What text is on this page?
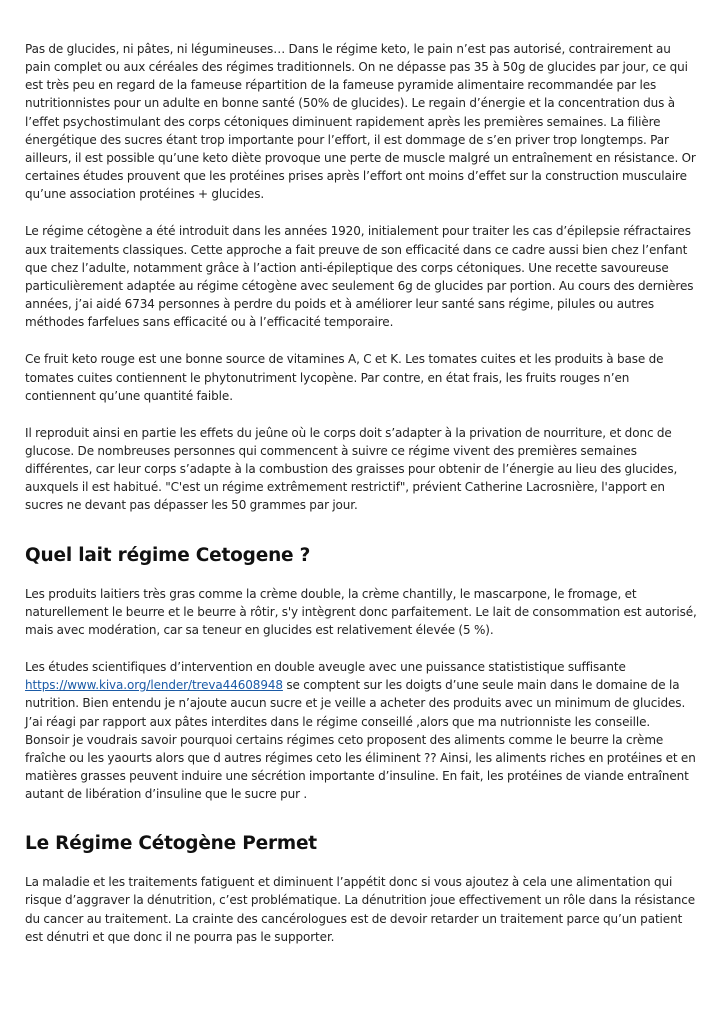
Pas de glucides, ni pâtes, ni légumineuses… Dans le régime keto, le pain n’est pas autorisé, contrairement au pain complet ou aux céréales des régimes traditionnels. On ne dépasse pas 35 à 50g de glucides par jour, ce qui est très peu en regard de la fameuse répartition de la fameuse pyramide alimentaire recommandée par les nutritionnistes pour un adulte en bonne santé (50% de glucides). Le regain d’énergie et la concentration dus à l’effet psychostimulant des corps cétoniques diminuent rapidement après les premières semaines. La filière énergétique des sucres étant trop importante pour l’effort, il est dommage de s’en priver trop longtemps. Par ailleurs, il est possible qu’une keto diète provoque une perte de muscle malgré un entraînement en résistance. Or certaines études prouvent que les protéines prises après l’effort ont moins d’effet sur la construction musculaire qu’une association protéines + glucides.

Le régime cétogène a été introduit dans les années 1920, initialement pour traiter les cas d’épilepsie réfractaires aux traitements classiques. Cette approche a fait preuve de son efficacité dans ce cadre aussi bien chez l’enfant que chez l’adulte, notamment grâce à l’action anti-épileptique des corps cétoniques. Une recette savoureuse particulièrement adaptée au régime cétogène avec seulement 6g de glucides par portion. Au cours des dernières années, j’ai aidé 6734 personnes à perdre du poids et à améliorer leur santé sans régime, pilules ou autres méthodes farfelues sans efficacité ou à l’efficacité temporaire.

Ce fruit keto rouge est une bonne source de vitamines A, C et K. Les tomates cuites et les produits à base de tomates cuites contiennent le phytonutriment lycopène. Par contre, en état frais, les fruits rouges n’en contiennent qu’une quantité faible.

Il reproduit ainsi en partie les effets du jeûne où le corps doit s’adapter à la privation de nourriture, et donc de glucose. De nombreuses personnes qui commencent à suivre ce régime vivent des premières semaines différentes, car leur corps s’adapte à la combustion des graisses pour obtenir de l’énergie au lieu des glucides, auxquels il est habitué. "C'est un régime extrêmement restrictif", prévient Catherine Lacrosnière, l'apport en sucres ne devant pas dépasser les 50 grammes par jour.

Quel lait régime Cetogene ?

Les produits laitiers très gras comme la crème double, la crème chantilly, le mascarpone, le fromage, et naturellement le beurre et le beurre à rôtir, s'y intègrent donc parfaitement. Le lait de consommation est autorisé, mais avec modération, car sa teneur en glucides est relativement élevée (5 %).

Les études scientifiques d’intervention en double aveugle avec une puissance statististique suffisante https://www.kiva.org/lender/treva44608948 se comptent sur les doigts d’une seule main dans le domaine de la nutrition. Bien entendu je n’ajoute aucun sucre et je veille a acheter des produits avec un minimum de glucides. J’ai réagi par rapport aux pâtes interdites dans le régime conseillé ,alors que ma nutrionniste les conseille. Bonsoir je voudrais savoir pourquoi certains régimes ceto proposent des aliments comme le beurre la crème fraîche ou les yaourts alors que d autres régimes ceto les éliminent ?? Ainsi, les aliments riches en protéines et en matières grasses peuvent induire une sécrétion importante d’insuline. En fait, les protéines de viande entraînent autant de libération d’insuline que le sucre pur .

Le Régime Cétogène Permet

La maladie et les traitements fatiguent et diminuent l’appétit donc si vous ajoutez à cela une alimentation qui risque d’aggraver la dénutrition, c’est problématique. La dénutrition joue effectivement un rôle dans la résistance du cancer au traitement. La crainte des cancérologues est de devoir retarder un traitement parce qu’un patient est dénutri et que donc il ne pourra pas le supporter.
